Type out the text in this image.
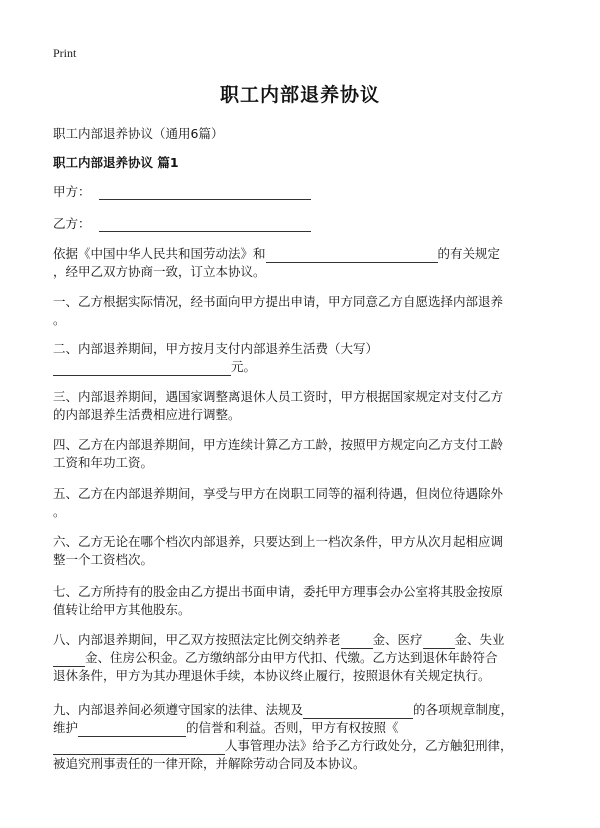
Print
职工内部退养协议
职工内部退养协议（通用6篇）
职工内部退养协议 篇1
甲方：
乙方：
依据《中国中华人民共和国劳动法》和	的有关规定
，经甲乙双方协商一致，订立本协议。
一、乙方根据实际情况，经书面向甲方提出申请，甲方同意乙方自愿选择内部退养
。
二、内部退养期间，甲方按月支付内部退养生活费（大写）
元。
三、内部退养期间，遇国家调整离退休人员工资时，甲方根据国家规定对支付乙方
的内部退养生活费相应进行调整。
四、乙方在内部退养期间，甲方连续计算乙方工龄，按照甲方规定向乙方支付工龄
工资和年功工资。
五、乙方在内部退养期间，享受与甲方在岗职工同等的福利待遇，但岗位待遇除外
。
六、乙方无论在哪个档次内部退养，只要达到上一档次条件，甲方从次月起相应调
整一个工资档次。
七、乙方所持有的股金由乙方提出书面申请，委托甲方理事会办公室将其股金按原
值转让给甲方其他股东。
八、内部退养期间，甲乙双方按照法定比例交纳养老	金、医疗	金、失业
金、住房公积金。乙方缴纳部分由甲方代扣、代缴。乙方达到退休年龄符合
退休条件，甲方为其办理退休手续，本协议终止履行，按照退休有关规定执行。
九、内部退养间必须遵守国家的法律、法规及	的各项规章制度，
维护	的信誉和利益。否则，甲方有权按照《
人事管理办法》给予乙方行政处分，乙方触犯刑律，
被追究刑事责任的一律开除，并解除劳动合同及本协议。
